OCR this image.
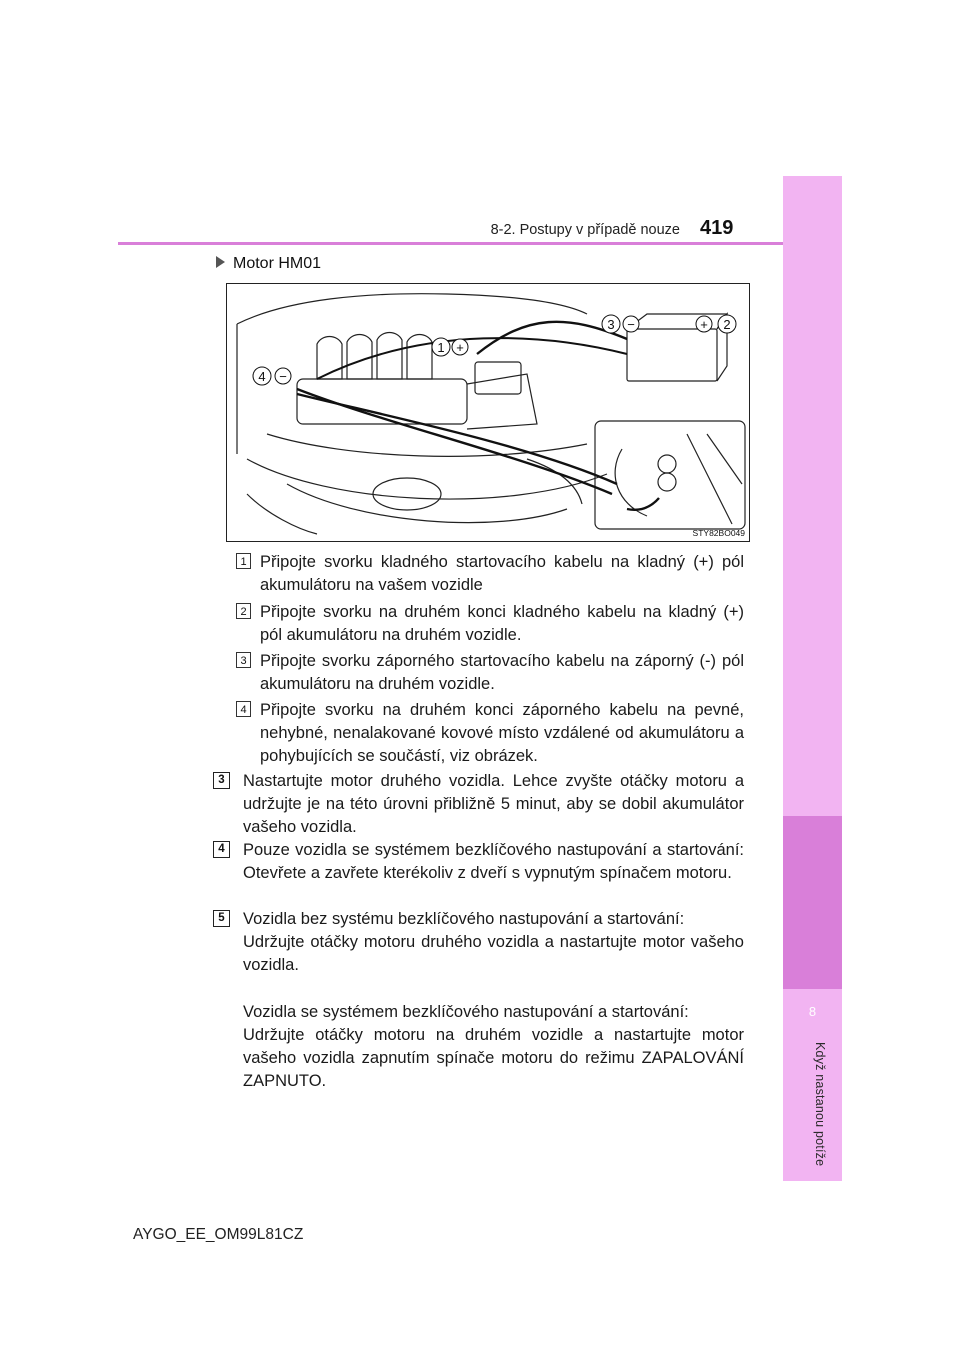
8
Když nastanou potíže
8-2. Postupy v případě nouze 419
Motor HM01
1 +
2
+
3 −
4 −
STY82BO049
1 Připojte svorku kladného startovacího kabelu na kladný (+) pól akumulátoru na vašem vozidle
2 Připojte svorku na druhém konci kladného kabelu na kladný (+) pól akumulátoru na druhém vozidle.
3 Připojte svorku záporného startovacího kabelu na záporný (-) pól akumulátoru na druhém vozidle.
4 Připojte svorku na druhém konci záporného kabelu na pevné, nehybné, nenalakované kovové místo vzdálené od akumulátoru a pohybujících se součástí, viz obrázek.
3	Nastartujte motor druhého vozidla. Lehce zvyšte otáčky motoru a udržujte je na této úrovni přibližně 5 minut, aby se dobil akumulátor vašeho vozidla.
4	Pouze vozidla se systémem bezklíčového nastupování a startování: Otevřete a zavřete kterékoliv z dveří s vypnutým spínačem motoru.
5	Vozidla bez systému bezklíčového nastupování a startování:
Udržujte otáčky motoru druhého vozidla a nastartujte motor vašeho vozidla.
Vozidla se systémem bezklíčového nastupování a startování:
Udržujte otáčky motoru na druhém vozidle a nastartujte motor vašeho vozidla zapnutím spínače motoru do režimu ZAPALOVÁNÍ ZAPNUTO.
AYGO_EE_OM99L81CZ
